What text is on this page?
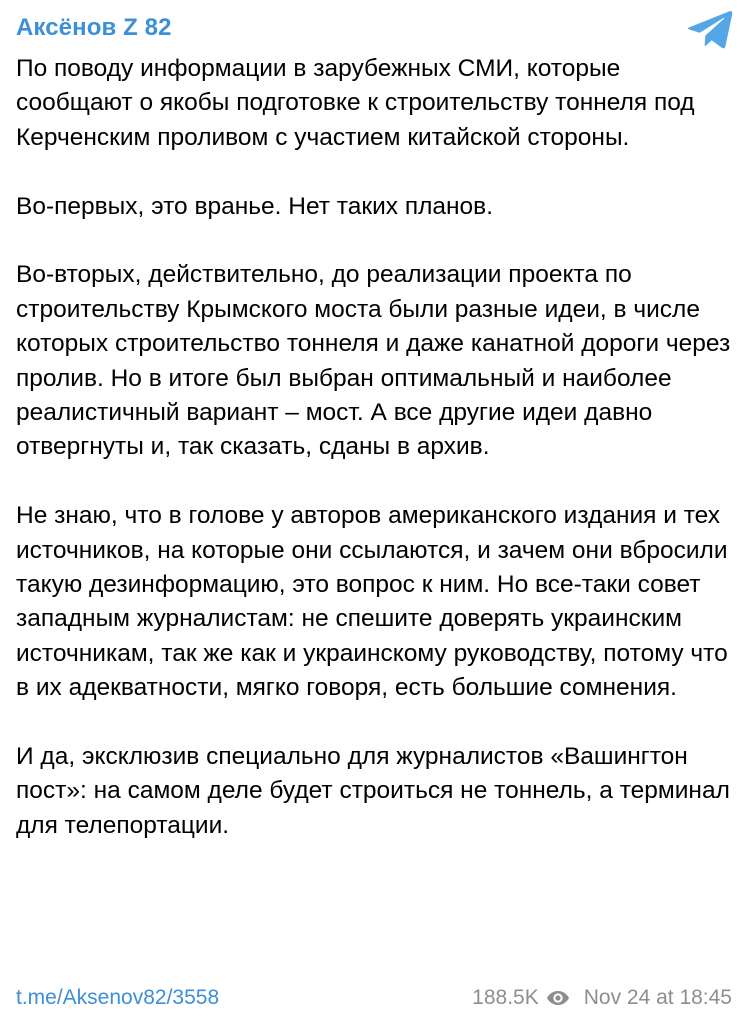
Аксёнов Z 82

По поводу информации в зарубежных СМИ, которые сообщают о якобы подготовке к строительству тоннеля под Керченским проливом с участием китайской стороны.

Во-первых, это вранье. Нет таких планов.

Во-вторых, действительно, до реализации проекта по строительству Крымского моста были разные идеи, в числе которых строительство тоннеля и даже канатной дороги через пролив. Но в итоге был выбран оптимальный и наиболее реалистичный вариант – мост. А все другие идеи давно отвергнуты и, так сказать, сданы в архив.

Не знаю, что в голове у авторов американского издания и тех источников, на которые они ссылаются, и зачем они вбросили такую дезинформацию, это вопрос к ним. Но все-таки совет западным журналистам: не спешите доверять украинским источникам, так же как и украинскому руководству, потому что в их адекватности, мягко говоря, есть большие сомнения.

И да, эксклюзив специально для журналистов «Вашингтон пост»: на самом деле будет строиться не тоннель, а терминал для телепортации.

t.me/Aksenov82/3558	188.5K Nov 24 at 18:45
